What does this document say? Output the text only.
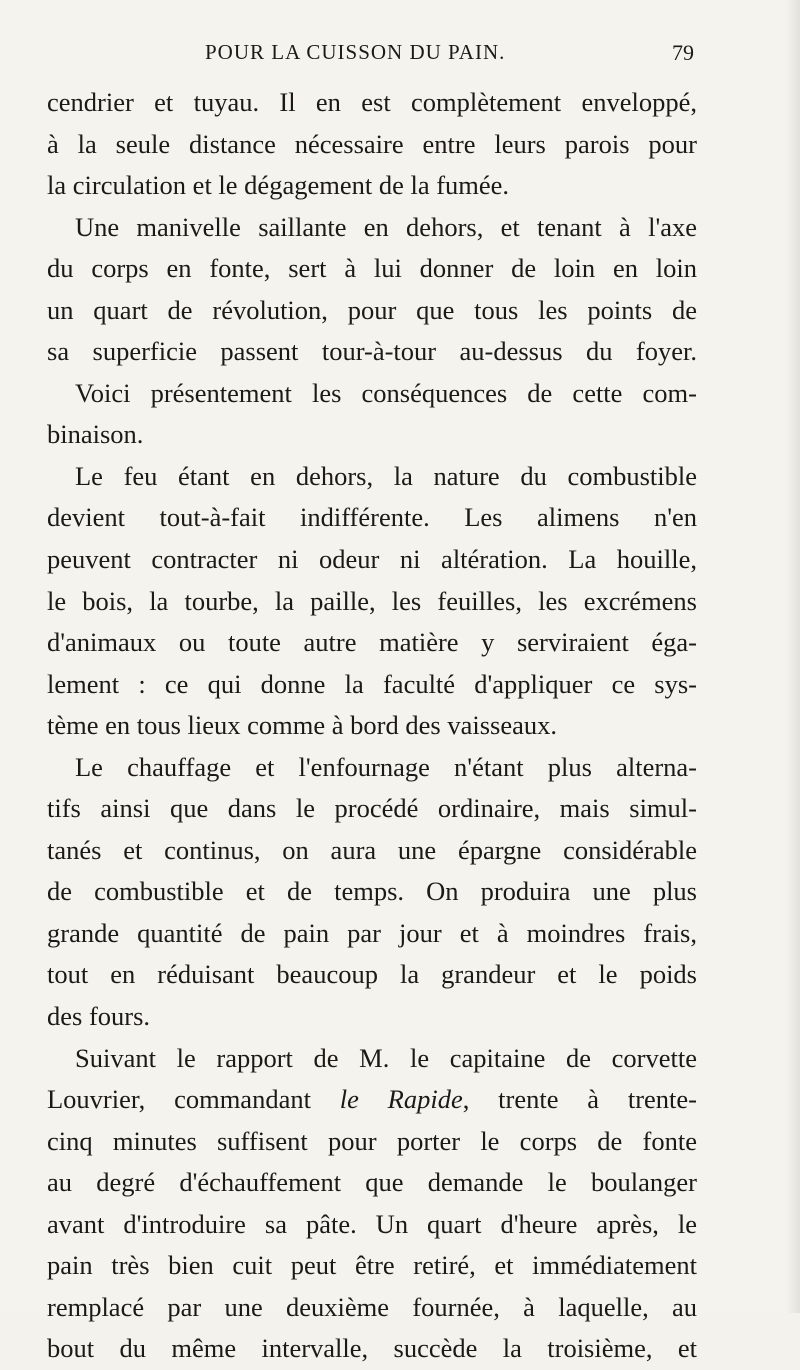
POUR LA CUISSON DU PAIN.	79
cendrier et tuyau. Il en est complètement enveloppé,
à la seule distance nécessaire entre leurs parois pour
la circulation et le dégagement de la fumée.
Une manivelle saillante en dehors, et tenant à l'axe
du corps en fonte, sert à lui donner de loin en loin
un quart de révolution, pour que tous les points de
sa superficie passent tour-à-tour au-dessus du foyer.
Voici présentement les conséquences de cette com-
binaison.
Le feu étant en dehors, la nature du combustible
devient tout-à-fait indifférente. Les alimens n'en
peuvent contracter ni odeur ni altération. La houille,
le bois, la tourbe, la paille, les feuilles, les excrémens
d'animaux ou toute autre matière y serviraient éga-
lement : ce qui donne la faculté d'appliquer ce sys-
tème en tous lieux comme à bord des vaisseaux.
Le chauffage et l'enfournage n'étant plus alterna-
tifs ainsi que dans le procédé ordinaire, mais simul-
tanés et continus, on aura une épargne considérable
de combustible et de temps. On produira une plus
grande quantité de pain par jour et à moindres frais,
tout en réduisant beaucoup la grandeur et le poids
des fours.
Suivant le rapport de M. le capitaine de corvette
Louvrier, commandant le Rapide, trente à trente-
cinq minutes suffisent pour porter le corps de fonte
au degré d'échauffement que demande le boulanger
avant d'introduire sa pâte. Un quart d'heure après, le
pain très bien cuit peut être retiré, et immédiatement
remplacé par une deuxième fournée, à laquelle, au
bout du même intervalle, succède la troisième, et
